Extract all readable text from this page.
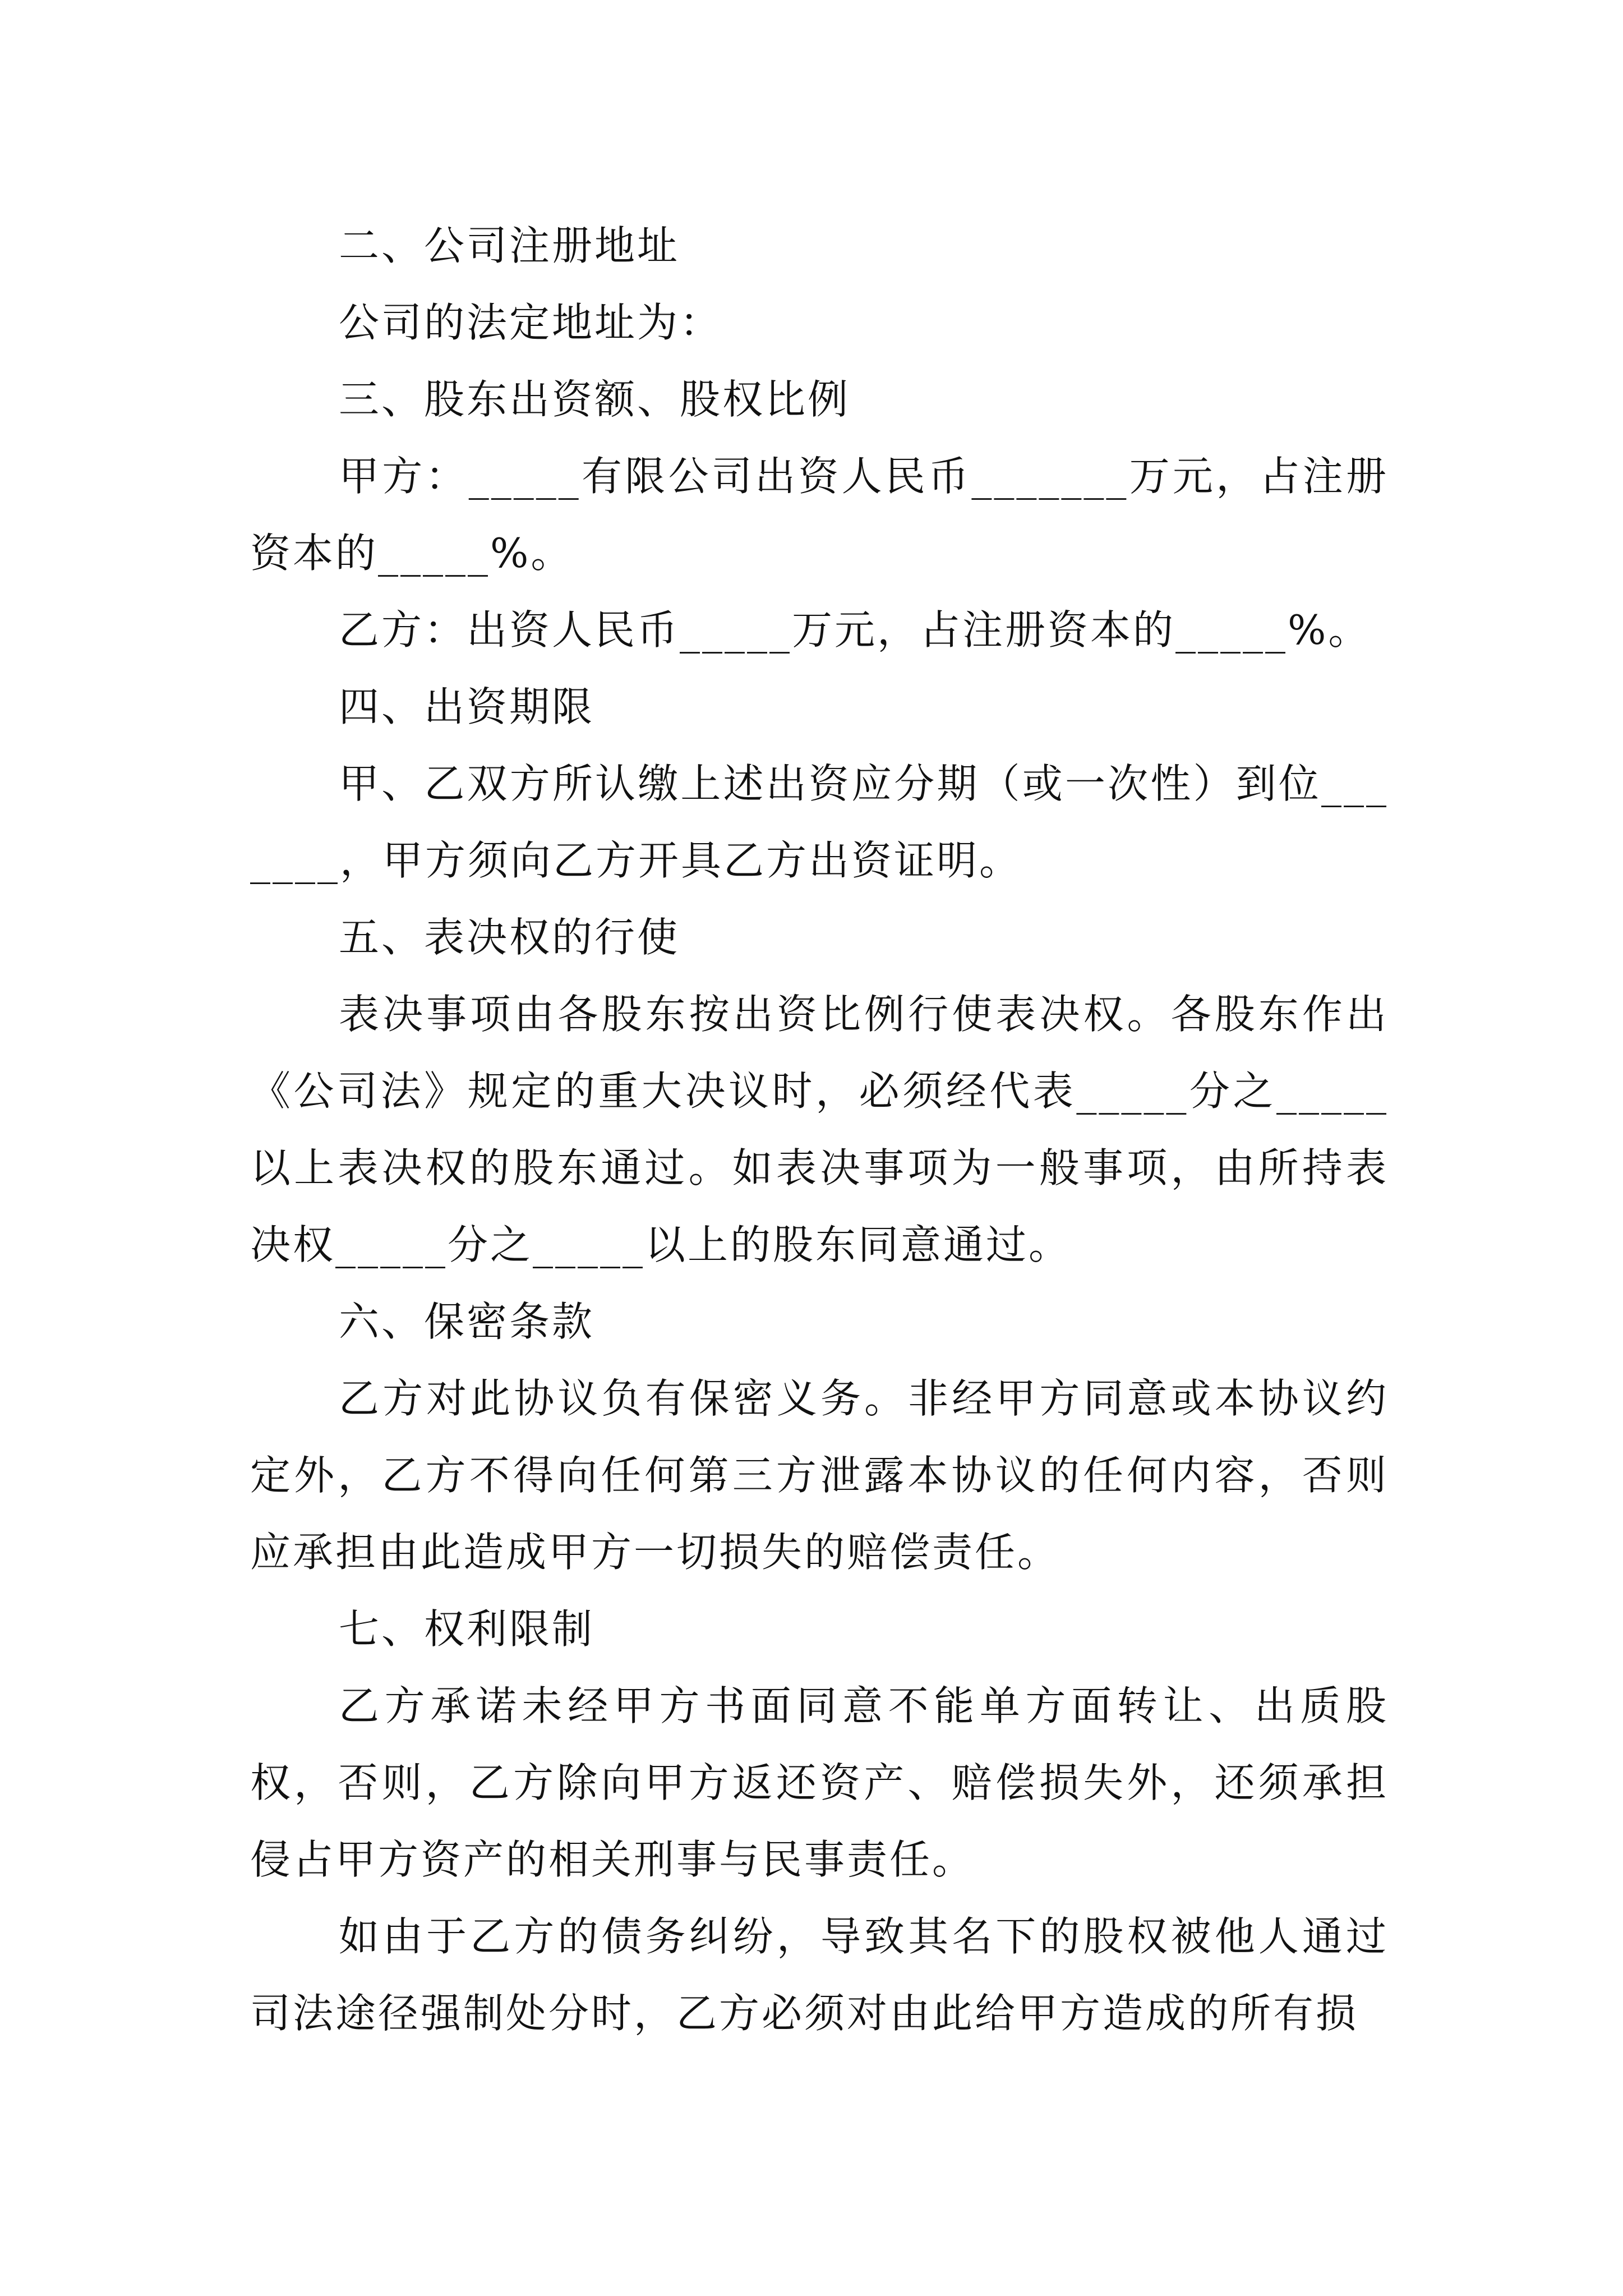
二、公司注册地址

公司的法定地址为：

三、股东出资额、股权比例

甲方：_____有限公司出资人民币_______万元，占注册资本的_____%。

乙方：出资人民币_____万元，占注册资本的_____%。

四、出资期限

甲、乙双方所认缴上述出资应分期（或一次性）到位_______，甲方须向乙方开具乙方出资证明。

五、表决权的行使

表决事项由各股东按出资比例行使表决权。各股东作出《公司法》规定的重大决议时，必须经代表_____分之_____以上表决权的股东通过。如表决事项为一般事项，由所持表决权_____分之_____以上的股东同意通过。

六、保密条款

乙方对此协议负有保密义务。非经甲方同意或本协议约定外，乙方不得向任何第三方泄露本协议的任何内容，否则应承担由此造成甲方一切损失的赔偿责任。

七、权利限制

乙方承诺未经甲方书面同意不能单方面转让、出质股权，否则，乙方除向甲方返还资产、赔偿损失外，还须承担侵占甲方资产的相关刑事与民事责任。

如由于乙方的债务纠纷，导致其名下的股权被他人通过司法途径强制处分时，乙方必须对由此给甲方造成的所有损
